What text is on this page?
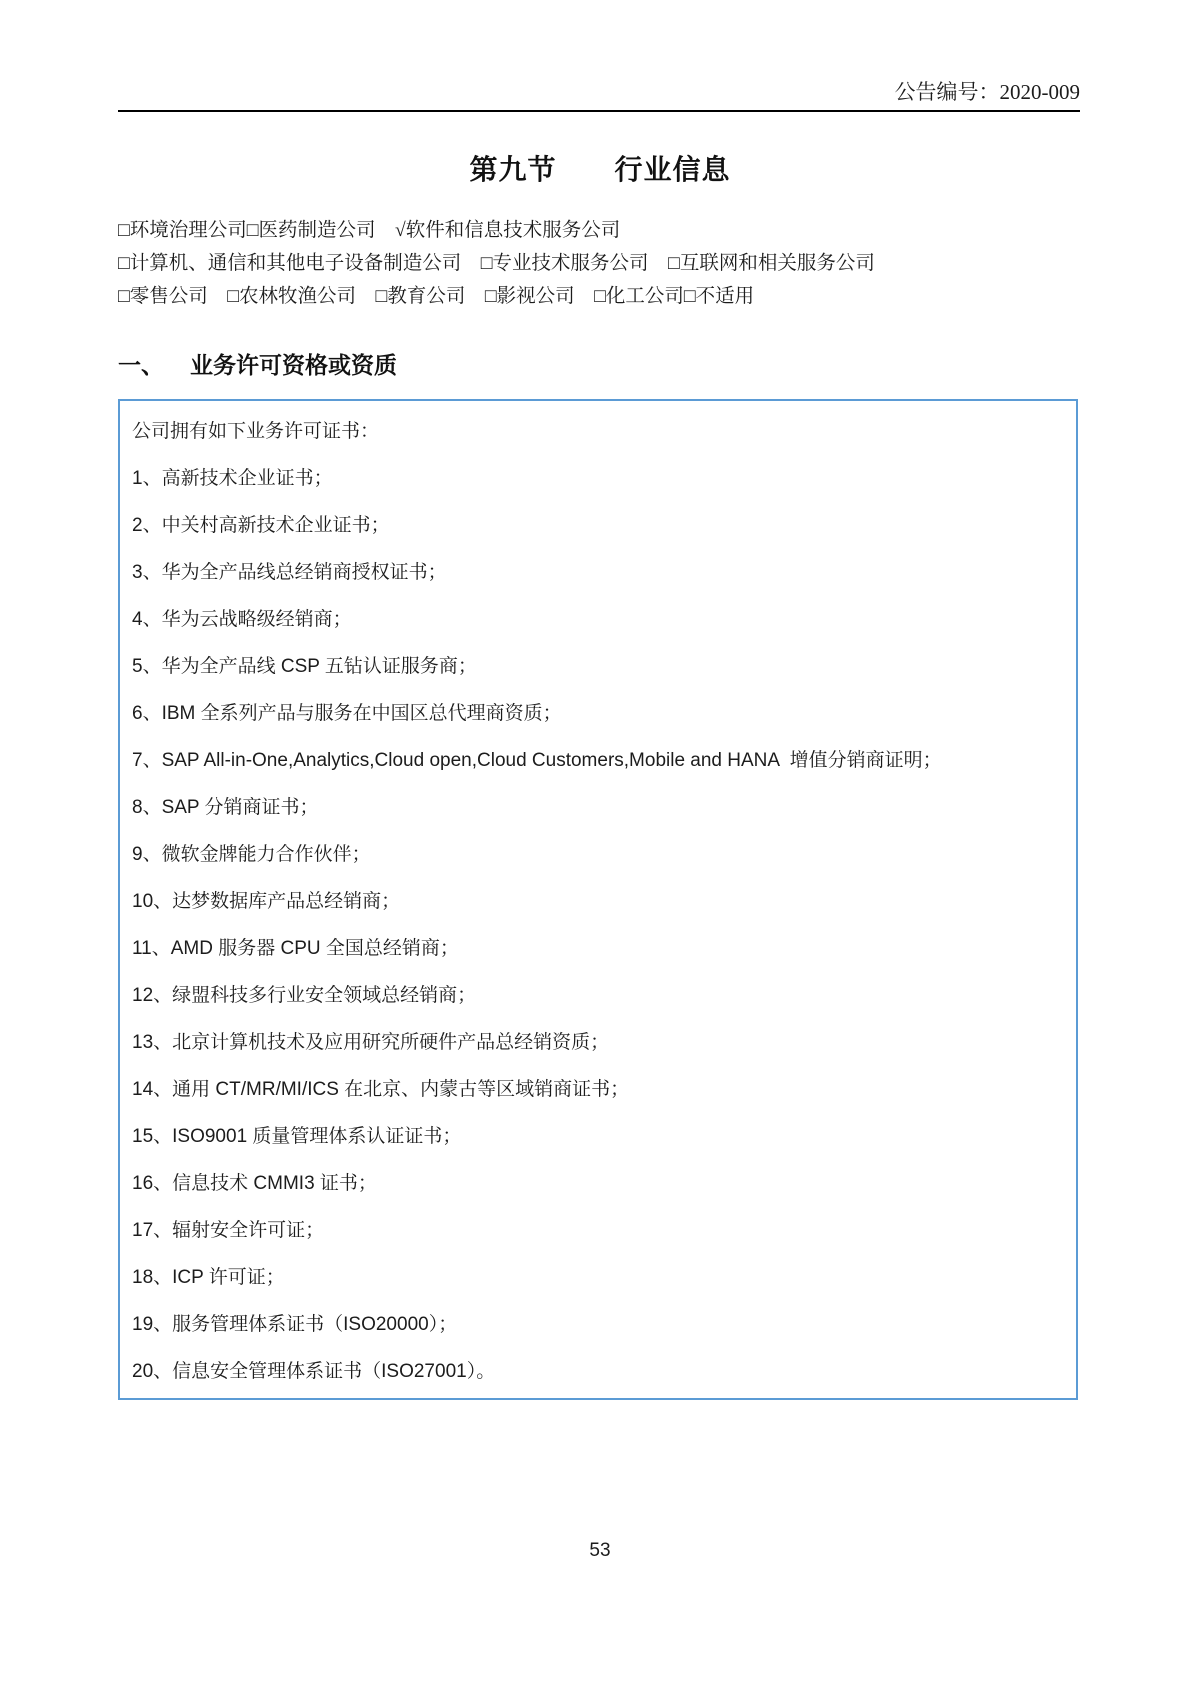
公告编号：2020-009
第九节　　行业信息
□环境治理公司□医药制造公司　√软件和信息技术服务公司
□计算机、通信和其他电子设备制造公司　□专业技术服务公司　□互联网和相关服务公司
□零售公司　□农林牧渔公司　□教育公司　□影视公司　□化工公司□不适用
一、 业务许可资格或资质
公司拥有如下业务许可证书：
1、高新技术企业证书；
2、中关村高新技术企业证书；
3、华为全产品线总经销商授权证书；
4、华为云战略级经销商；
5、华为全产品线 CSP 五钻认证服务商；
6、IBM 全系列产品与服务在中国区总代理商资质；
7、SAP All-in-One,Analytics,Cloud open,Cloud Customers,Mobile and HANA  增值分销商证明；
8、SAP 分销商证书；
9、微软金牌能力合作伙伴；
10、达梦数据库产品总经销商；
11、AMD 服务器 CPU 全国总经销商；
12、绿盟科技多行业安全领域总经销商；
13、北京计算机技术及应用研究所硬件产品总经销资质；
14、通用 CT/MR/MI/ICS 在北京、内蒙古等区域销商证书；
15、ISO9001 质量管理体系认证证书；
16、信息技术 CMMI3 证书；
17、辐射安全许可证；
18、ICP 许可证；
19、服务管理体系证书（ISO20000）；
20、信息安全管理体系证书（ISO27001）。
53
